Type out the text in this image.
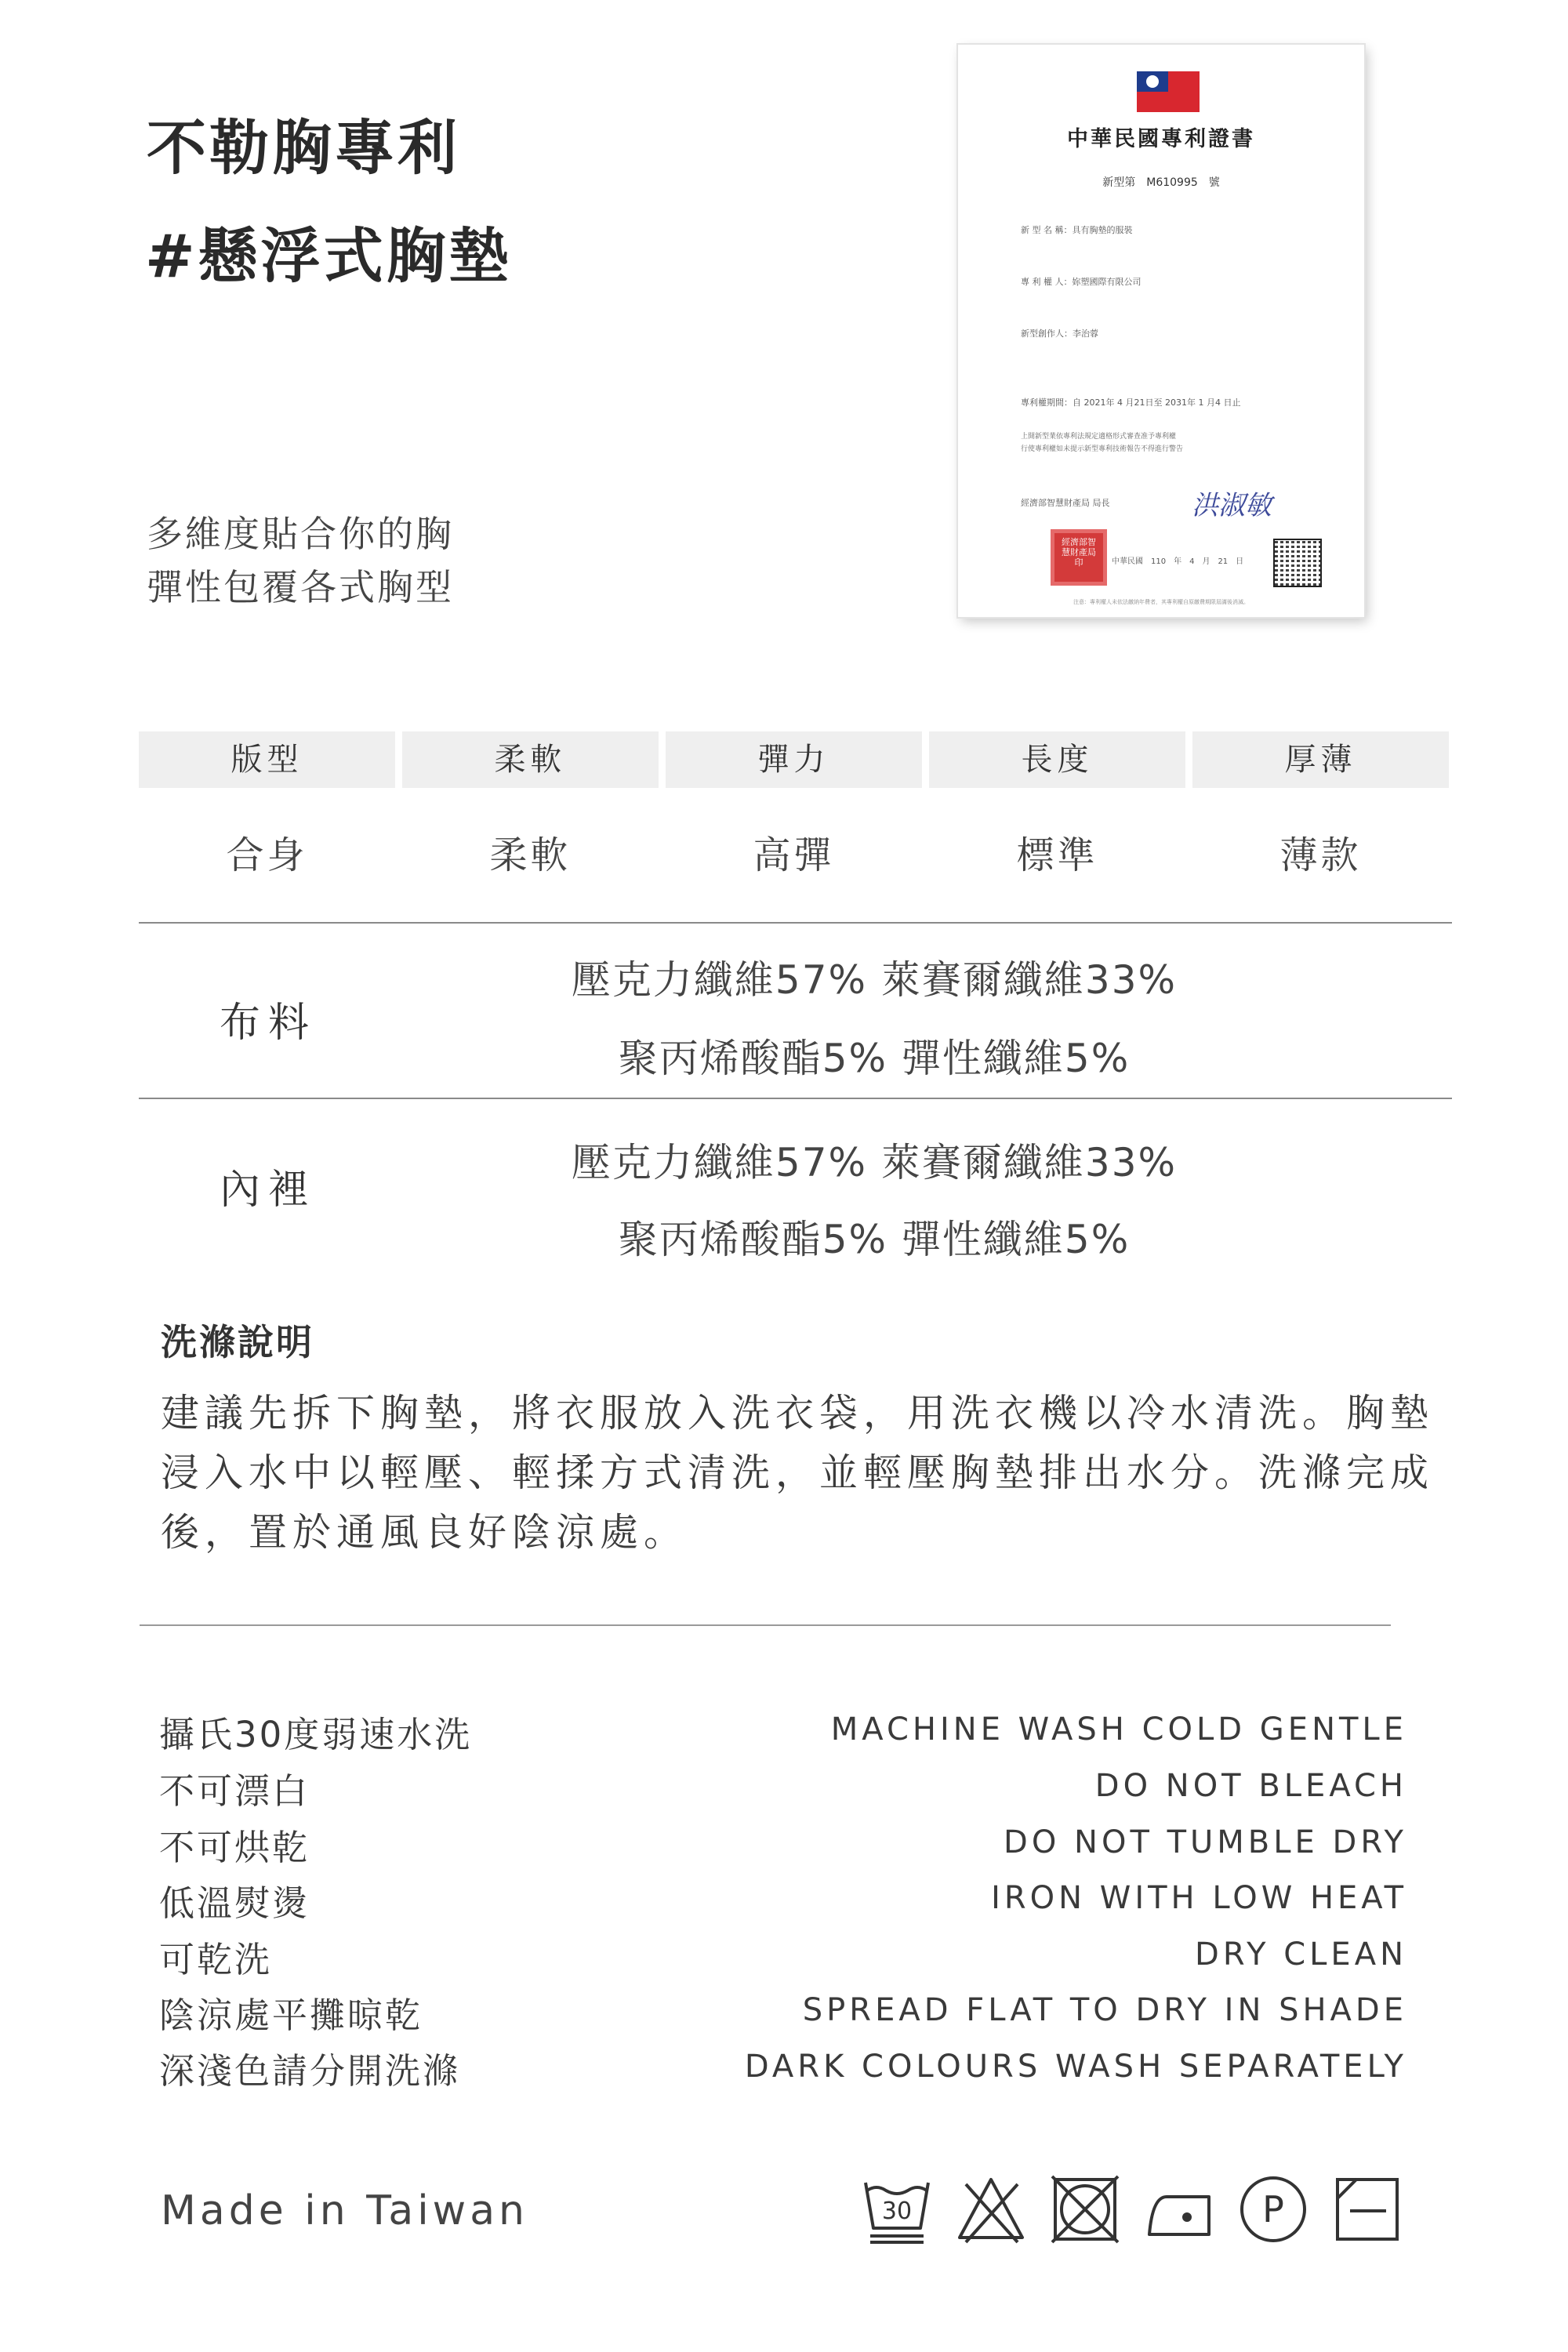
不勒胸專利
#懸浮式胸墊
多維度貼合你的胸
彈性包覆各式胸型
中華民國專利證書
新型第　M610995　號
新 型 名 稱：具有胸墊的服裝
專 利 權 人：妳塑國際有限公司
新型創作人：李治蓉
專利權期間：自 2021年 4 月21日至 2031年 1 月4 日止
上開新型業依專利法規定適格形式審查准予專利權
行使專利權如未提示新型專利技術報告不得進行警告
經濟部智慧財產局 局長	洪淑敏
經濟部智慧財產局印	中華民國　110　年　4　月　21　日
注意：專利權人未依法繳納年費者，其專利權自原繳費期限屆滿後消滅。
版型	柔軟	彈力	長度	厚薄
合身	柔軟	高彈	標準	薄款
布料
壓克力纖維57% 萊賽爾纖維33%
聚丙烯酸酯5% 彈性纖維5%
內裡
壓克力纖維57% 萊賽爾纖維33%
聚丙烯酸酯5% 彈性纖維5%
洗滌說明
建議先拆下胸墊，將衣服放入洗衣袋，用洗衣機以冷水清洗。胸墊
浸入水中以輕壓、輕揉方式清洗，並輕壓胸墊排出水分。洗滌完成
後，置於通風良好陰涼處。
攝氏30度弱速水洗
不可漂白
不可烘乾
低溫熨燙
可乾洗
陰涼處平攤晾乾
深淺色請分開洗滌
MACHINE WASH COLD GENTLE
DO NOT BLEACH
DO NOT TUMBLE DRY
IRON WITH LOW HEAT
DRY CLEAN
SPREAD FLAT TO DRY IN SHADE
DARK COLOURS WASH SEPARATELY
Made in Taiwan	30	P
